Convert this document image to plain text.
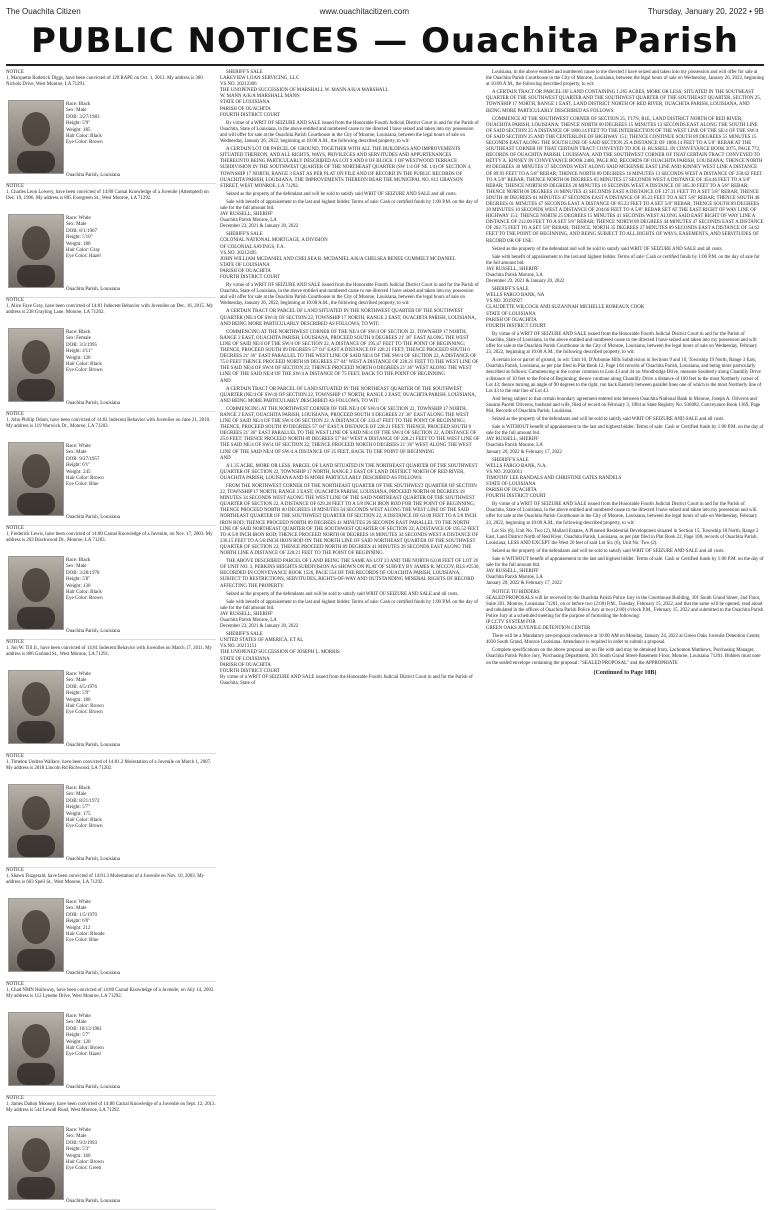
The Ouachita Citizen	www.ouachitacitizen.com	Thursday, January 20, 2022 • 9B
PUBLIC NOTICES — Ouachita Parish
NOTICE
1, Marquette Roderick Diggs, have been convicted of 120 RAPE on Oct. 1, 2013. My address is 300 Nichols Drive, West Monroe, LA 71291.
Race: Black
Sex: Male
DOB: 3/27/1983
Height: 5'9"
Weight: 185
Hair Color: Black
Eye Color: Brown
Ouachita Parish, Louisiana
NOTICE
1, Charles Leon Lowery, have been convicted of 14:80 Carnal Knowledge of a Juvenile (Attempted) on Dec. 19, 1996. My address is 805 Evergreen St., West Monroe, LA 71292.
Race: White
Sex: Male
DOB: 8/1/1967
Height: 5'10"
Weight: 180
Hair Color: Gray
Eye Color: Hazel
Ouachita Parish, Louisiana
NOTICE
1, Alice Faye Gray, have been convicted of 14:81 Indecent Behavior with Juveniles on Dec. 16, 2015. My address is 238 Grayling Lane, Monroe, LA 71202.
Race: Black
Sex: Female
DOB: 3/3/1995
Height: 4'11"
Weight: 120
Hair Color: Black
Eye Color: Brown
Ouachita Parish, Louisiana
NOTICE
1, John Phillip Odom, have been convicted of 14:81 Indecent Behavior with Juveniles on June 21, 2010. My address is 119 Warwick Dr., Monroe, LA 71203.
Race: White
Sex: Male
DOB: 9/27/1957
Height: 6'1"
Weight: 245
Hair Color: Brown
Eye Color: Blue
Ouachita Parish, Louisiana
NOTICE
1, Frederick Lewis, have been convicted of 14:80 Carnal Knowledge of a Juvenile, on Nov. 17, 2003. My address is 203 Blackwood Dr., Monroe, LA 71203.
Race: Black
Sex: Male
DOB: 3/28/1978
Height: 5'8"
Weight: 130
Hair Color: Black
Eye Color: Brown
Ouachita Parish, Louisiana
NOTICE
1, Jon W. Till Jr., have been convicted of 14:81 Indecent Behavior with Juveniles on March 17, 2011. My address is 806 Garland St., West Monroe, LA 71291.
Race: White
Sex: Male
DOB: 4/5/1976
Height: 5'9"
Weight: 180
Hair Color: Brown
Eye Color: Brown
Ouachita Parish, Louisiana
NOTICE
1, Timeion Undrea Wallace, have been convicted of 14:81.2 Molestation of a Juvenile on March 1, 2007. My address is 2818 Lincoln Rd Richwood, LA 71202.
Race: Black
Sex: Male
DOB: 8/21/1972
Height: 5'7"
Weight: 175
Hair Color: Black
Eye Color: Brown
Ouachita Parish, Louisiana
NOTICE
1, Shawn Fitzgerald, have been convicted of 14:81.3 Molestation of a Juvenile on Nov. 10, 2003. My address is 603 Spell St., West Monroe, LA 71292.
Race: White
Sex: Male
DOB: 1/5/1970
Height: 6'0"
Weight: 212
Hair Color: Blonde
Eye Color: Blue
Ouachita Parish, Louisiana
NOTICE
1, Chad NMN Holloway, have been convicted of 14:80 Carnal Knowledge of a Juvenile, on July 14, 2003. My address is 112 Lynette Drive, West Monroe, LA 71292.
Race: White
Sex: Male
DOB: 10/13/1981
Height: 5'7"
Weight: 120
Hair Color: Brown
Eye Color: Hazel
Ouachita Parish, Louisiana
NOTICE
1, James Dalton Mooney, have been convicted of 14:80 Carnal Knowledge of a Juvenile on Sept. 12, 2013. My address is 544 Lewall Road, West Monroe, LA 71292.
Race: White
Sex: Male
DOB: 9/3/1993
Height: 5'3"
Weight: 160
Hair Color: Brown
Eye Color: Green
Ouachita Parish, Louisiana

SHERIFF'S SALE
LAKEVIEW LOAN SERVICING, LLC
VS.NO. 20212306
THE UNOPENED SUCCESSION OF MARSHALL W. MANN A/K/A MARSHALL
W. MANN A/K/A MARSHALL MANN
STATE OF LOUISIANA
PARISH OF OUACHITA
FOURTH DISTRICT COURT

By virtue of a WRIT OF SEIZURE AND SALE issued from the Honorable Fourth Judicial District Court in and for the Parish of Ouachita, State of Louisiana, in the above entitled and numbered cause to me directed I have seized and taken into my possession and will offer for sale at the Ouachita Parish Courthouse in the City of Monroe, Louisiana, between the legal hours of sale on Wednesday, January 26, 2022, beginning at 10:00 A.M., the following described property, to wit:

A CERTAIN LOT OR PARCEL OF GROUND, TOGETHER WITH ALL THE BUILDINGS AND IMPROVEMENTS SITUATED THEREON, AND ALL RIGHTS, WAYS, PRIVILEGES AND SERVITUDES AND APPURTENANCES THEREUNTO BEING PARTICULARLY DESCRIBED AS LOT 9 AND 8 OF BLOCK 1 OF WESTWOOD TERRACE SUBDIVISION IN THE SOUTHWEST QUARTER OF THE NORTHEAST QUARTER (SW 1/4 OF NE 1/4) OF SECTION 4, TOWNSHIP 17 NORTH, RANGE 3 EAST AS PER PLAT ON FILE AND OF RECORD IN THE PUBLIC RECORDS OF OUACHITA PARISH, LOUISIANA. THE IMPROVEMENTS THEREON BEAR THE MUNICIPAL NO. 813 GRAYSON STREET, WEST MONROE, LA 71292.

Seized as the property of the defendant and will be sold to satisfy said WRIT OF SEIZURE AND SALE and all costs.

Sale with benefit of appraisement to the last and highest bidder. Terms of sale: Cash or certified funds by 1:00 P.M. on the day of sale for the full amount bid.
JAY RUSSELL, SHERIFF
Ouachita Parish Monroe, LA
December 23, 2021 & January 20, 2022

SHERIFF'S SALE
COLONIAL NATIONAL MORTGAGE, A DIVISION
OF COLONIAL SAVINGS, F.A.
VS.NO. 20212495
JOHN WILLIAM MCDANIEL AND CHELSEA R. MCDANIEL A/K/A CHELSEA RENEE GUMMELT MCDANIEL
STATE OF LOUISIANA
PARISH OF OUACHITA
FOURTH DISTRICT COURT

By virtue of a WRIT OF SEIZURE AND SALE issued from the Honorable Fourth Judicial District Court in and for the Parish of Ouachita, State of Louisiana, in the above entitled and numbered cause to me directed I have seized and taken into my possession and will offer for sale at the Ouachita Parish Courthouse in the City of Monroe, Louisiana, between the legal hours of sale on Wednesday, January 26, 2022, beginning at 10:00 A.M., the following described property, to wit:

A CERTAIN TRACT OR PARCEL OF LAND SITUATED IN THE NORTHWEST QUARTER OF THE SOUTHWEST QUARTER (NE/4 OF SW/4) OF SECTION 22, TOWNSHIP 17 NORTH, RANGE 2 EAST, OUACHITA PARISH, LOUISIANA, AND BEING MORE PARTICULARLY DESCRIBED AS FOLLOWS, TO WIT:

COMMENCING AT THE NORTHWEST CORNER OF THE NE/4 OF SW/4 OF SECTION 22, TOWNSHIP 17 NORTH, RANGE 2 EAST, OUACHITA PARISH, LOUISIANA, PROCEED SOUTH 0 DEGREES 21' 36" EAST ALONG THE WEST LINE OF SAID NE/4 OF THE SW/4 OF SECTION 22, A DISTANCE OF 195.47 FEET TO THE POINT OF BEGINNING; THENCE, PROCEED SOUTH 89 DEGREES 57' 04" EAST A DISTANCE OF 228.21 FEET; THENCE PROCEED SOUTH 0 DEGREES 21' 36" EAST PARALLEL TO THE WEST LINE OF SAID NE/4 OF THE SW/4 OF SECTION 22, A DISTANCE OF 75.0 FEET THENCE PROCEED NORTH 89 DEGREES 57' 04" WEST A DISTANCE OF 228.21 FEET TO THE WEST LINE OF THE SAID NE/4 OF SW/4 OF SECTION 22; THENCE PROCEED NORTH 0 DEGREES 21' 36" WEST ALONG THE WEST LINE OF THE SAID NE/4 OF THE SW/4 A DISTANCE OF 75 FEET, BACK TO THE POINT OF BEGINNING
AND

A CERTAIN TRACT OR PARCEL OF LAND SITUATED IN THE NORTHEAST QUARTER OF THE SOUTHWEST QUARTER (NE/4 OF SW/4) OF SECTION 22, TOWNSHIP 17 NORTH, RANGE 2 EAST, OUACHITA PARISH, LOUISIANA, AND BEING MORE PARTICULARLY DESCRIBED AS FOLLOWS, TO WIT:

COMMENCING AT THE NORTHWEST CORNER OF THE NE/4 OF SW/4 OF SECTION 22, TOWNSHIP 17 NORTH, RANGE 2 EAST, OUACHITA PARISH, LOUISIANA, PROCEED SOUTH 0 DEGREES 21' 36" EAST ALONG THE WEST LINE OF SAID NE/4 OF THE SW/4 OF SECTION 22, A DISTANCE OF 333.47 FEET TO THE POINT OF BEGINNING; THENCE, PROCEED SOUTH 89 DEGREES 57' 04" EAST A DISTANCE OF 228.21 FEET; THENCE, PROCEED SOUTH 0 DEGREES 21' 36" EAST PARALLEL TO THE WEST LINE OF SAID NE/4 OF THE SW/4 OF SECTION 22, A DISTANCE OF 25.0 FEET; THENCE PROCEED NORTH 89 DEGREES 57' 04" WEST A DISTANCE OF 228.21 FEET TO THE WEST LINE OF THE SAID NE/4 OF SW/4 OF SECTION 22; THENCE PROCEED NORTH 0 DEGREES 21' 36" WEST ALONG THE WEST LINE OF THE SAID NE/4 OF SW/4 A DISTANCE OF 25 FEET, BACK TO THE POINT OF BEGINNING
AND

A 1.35 ACRE, MORE OR LESS, PARCEL OF LAND SITUATED IN THE NORTHEAST QUARTER OF THE SOUTHWEST QUARTER OF SECTION 22, TOWNSHIP 17 NORTH, RANGE 2 EAST OF LAND DISTRICT NORTH OF RED RIVER, OUACHITA PARISH, LOUISIANA AND IS MORE PARTICULARLY DESCRIBED AS FOLLOWS:

FROM THE NORTHWEST CORNER OF THE NORTHEAST QUARTER OF THE SOUTHWEST QUARTER OF SECTION 22, TOWNSHIP 17 NORTH, RANGE 2 EAST, OUACHITA PARISH, LOUISIANA, PROCEED NORTH 00 DEGREES 18 MINUTES 34 SECONDS WEST ALONG THE WEST LINE OF THE SAID NORTHEAST QUARTER OF THE SOUTHWEST QUARTER OF SECTION 22, A DISTANCE OF 629.28 FEET TO A 5/8 INCH IRON ROD FOR THE POINT OF BEGINNING; THENCE PROCEED NORTH 00 DEGREES 18 MINUTES 34 SECONDS WEST ALONG THE WEST LINE OF THE SAID NORTHEAST QUARTER OF THE SOUTHWEST QUARTER OF SECTION 22, A DISTANCE OF 63.00 FEET TO A 5/8 INCH IRON ROD; THENCE PROCEED NORTH 89 DEGREES 41 MINUTES 26 SECONDS EAST PARALLEL TO THE NORTH LINE OF SAID NORTHEAST QUARTER OF THE SOUTHWEST QUARTER OF SECTION 22, A DISTANCE OF 195.52 FEET TO A 5/8 INCH IRON ROD; THENCE PROCEED NORTH 00 DEGREES 18 MINUTES 34 SECONDS WEST A DISTANCE OF 236.15 FEET TO A 5/8 INCH IRON ROD ON THE NORTH LINE OF SAID NORTHEAST QUARTER OF THE SOUTHWEST QUARTER OF SECTION 22; THENCE PROCEED NORTH 89 DEGREES 41 MINUTES 26 SECONDS EAST ALONG THE NORTH LINE A DISTANCE OF 228.21 FEET TO THE POINT OF BEGINNING.

THE ABOVE DESCRIBED PARCEL OF LAND BEING THE SAME AS LOT 23 AND THE NORTH 63.00 FEET OF LOT 26 OF UNIT NO. 3, PERKINS HEIGHTS SUBDIVISION AS SHOWN ON PLAT OF SURVEY BY JAMES R. MCCOY, RLS #2530, RECORDED IN CONVEYANCE BOOK 1526, PAGE 554 OF THE RECORDS OF OUACHITA PARISH, LOUISIANA, SUBJECT TO RESTRICTIONS, SERVITUDES, RIGHTS-OF-WAY AND OUTSTANDING MINERAL RIGHTS OF RECORD AFFECTING THE PROPERTY.

Seized as the property of the defendants and will be sold to satisfy said WRIT OF SEIZURE AND SALE and all costs.

Sale with benefit of appraisement to the last and highest bidder. Terms of sale: Cash or certified funds by 1:00 P.M. on the day of sale for the full amount bid.
JAY RUSSELL, SHERIFF
Ouachita Parish Monroe, LA
December 23, 2021 & January 20, 2022

SHERIFF'S SALE
UNITED STATES OF AMERICA, ET AL
VS.NO. 20213151
THE UNOPENED SUCCESSION OF JOSEPH L. MORRIS
STATE OF LOUISIANA
PARISH OF OUACHITA
FOURTH DISTRICT COURT
By virtue of a WRIT OF SEIZURE AND SALE issued from the Honorable Fourth Judicial District Court in and for the Parish of Ouachita, State of

Louisiana, in the above entitled and numbered cause to me directed I have seized and taken into my possession and will offer for sale at the Ouachita Parish Courthouse in the City of Monroe, Louisiana, between the legal hours of sale on Wednesday, January 26, 2022, beginning at 10:00 A.M., the following described property, to wit:

A CERTAIN TRACT OR PARCEL OF LAND CONTAINING 1.265 ACRES, MORE OR LESS, SITUATED IN THE SOUTHEAST QUARTER OF THE SOUTHWEST QUARTER AND THE SOUTHWEST QUARTER OF THE SOUTHEAST QUARTER, SECTION 25, TOWNSHIP 17 NORTH, RANGE 1 EAST, LAND DISTRICT NORTH OF RED RIVER, OUACHITA PARISH, LOUISIANA, AND BEING MORE PARTICULARLY DESCRIBED AS FOLLOWS:

COMMENCE AT THE SOUTHWEST CORNER OF SECTION 25, T17N, R1E, LAND DISTRICT NORTH OF RED RIVER, OUACHITA PARISH, LOUISIANA; THENCE NORTH 00 DEGREES 15 MINUTES 13 SECONDS EAST ALONG THE SOUTH LINE OF SAID SECTION 25 A DISTANCE OF 1800.14 FEET TO THE INTERSECTION OF THE WEST LINE OF THE SE/4 OF THE SW/4 OF SAID SECTION 25 AND THE CENTERLINE OF HIGHWAY 151; THENCE CONTINUE SOUTH 89 DEGREES 55 MINUTES 15 SECONDS EAST ALONG THE SOUTH LINE OF SAID SECTION 25 A DISTANCE OF 1800.14 FEET TO A 5/8" REBAR AT THE SOUTHEAST CORNER OF THAT CERTAIN TRACT CONVEYED TO JOE H. RUSSELL IN CONVEYANCE BOOK 2075, PAGE 772, RECORDS OF OUACHITA PARISH, LOUISIANA, AND THE SOUTHWEST CORNER OF THAT CERTAIN TRACT CONVEYED TO BETTY A. KINNEY IN CONVEYANCE BOOK 2400, PAGE 802, RECORDS OF OUACHITA PARISH, LOUISIANA; THENCE NORTH 89 DEGREES 30 MINUTES 37 SECONDS WEST ALONG SAID MCKENSIE EAST LINE AND KINNEY WEST LINE A DISTANCE OF 89.93 FEET TO A 5/8" REBAR; THENCE NORTH 89 DEGREES 16 MINUTES 13 SECONDS WEST A DISTANCE OF 258.62 FEET TO A 5/8" REBAR; THENCE NORTH 00 DEGREES 05 MINUTES 57 SECONDS WEST A DISTANCE OF 454.46 FEET TO A 5/8" REBAR; THENCE NORTH 89 DEGREES 20 MINUTES 10 SECONDS WEST A DISTANCE OF 385.30 FEET TO A 5/8" REBAR; THENCE NORTH 00 DEGREES 16 MINUTES 43 SECONDS EAST A DISTANCE OF 127.31 FEET TO A SET 5/8" REBAR; THENCE SOUTH 48 DEGREES 01 MINUTES 47 SECONDS EAST A DISTANCE OF 85.23 FEET TO A SET 5/8" REBAR; THENCE SOUTH 48 DEGREES 01 MINUTES 47 SECONDS EAST A DISTANCE OF 85.23 FEET TO A SET 5/8" REBAR; THENCE SOUTH 89 DEGREES 20 MINUTES 10 SECONDS WEST A DISTANCE OF 204.66 FEET TO A 5/8" REBAR SET AT THE EAST RIGHT OF WAY LINE OF HIGHWAY 151; THENCE NORTH 25 DEGREES 15 MINUTES 41 SECONDS WEST ALONG SAID EAST RIGHT OF WAY LINE A DISTANCE OF 212.00 FEET TO A SET 5/8" REBAR; THENCE NORTH 89 DEGREES 44 MINUTES 47 SECONDS EAST A DISTANCE OF 202.75 FEET TO A SET 5/8" REBAR; THENCE, NORTH 35 DEGREES 27 MINUTES 09 SECONDS EAST A DISTANCE OF 54.62 FEET TO THE POINT OF BEGINNING, AND BEING SUBJECT TO ALL RIGHTS OF WAYS, EASEMENTS, AND SERVITUDES OF RECORD OR OF USE.

Seized as the property of the defendant and will be sold to satisfy said WRIT OF SEIZURE AND SALE and all costs.

Sale with benefit of appraisement to the last and highest bidder. Terms of sale: Cash or certified funds by 1:00 P.M. on the day of sale for the full amount bid.
JAY RUSSELL, SHERIFF
Ouachita Parish Monroe, LA
December 23, 2021 & January 20, 2022

SHERIFF'S SALE
WELLS FARGO BANK, NA
VS.NO. 20193927
CLAUDETTE WILCOCK AND SUZANNAH MICHELLE ROBEAUX COOK
STATE OF LOUISIANA
PARISH OF OUACHITA
FOURTH DISTRICT COURT

By virtue of a WRIT OF SEIZURE AND SALE issued from the Honorable Fourth Judicial District Court in and for the Parish of Ouachita, State of Louisiana, in the above entitled and numbered cause to me directed I have seized and taken into my possession and will offer for sale at the Ouachita Parish Courthouse in the City of Monroe, Louisiana, between the legal hours of sale on Wednesday, February 23, 2022, beginning at 10:00 A.M., the following described property, to wit:

A certain lot or parcel of ground, to wit: Unit 10, D'Arbonne Hills Subdivision in Sections 9 and 10, Township 19 North, Range 3 East, Ouachita Parish, Louisiana, as per plat filed in Plat Book 12, Page 104 records of Ouachita Parish, Louisiana, and being more particularly described as follows: Commencing at the corner common to Lots 43 and 44 on Woodbridge Drive, measure Southerly along Chantilly Drive a distance of 10 feet to the Point of Beginning; thence continue along Chantilly Drive a distance of 100 feet to the most Northerly corner of Lot 43; thence turning an angle of 90 degrees to the right, run back Easterly between parallel lines one of which is the most Northerly line of Lot 43 to the rear line of Lot 43.

And being subject to that certain boundary agreement entered into between Ouachita National Bank in Monroe, Joseph A. Oliveros and Susann Pacetti Oliveros, husband and wife, filed of record on February 3, 1984 at State Registry No. 936082, Conveyance Book 1369, Page 864, Records of Ouachita Parish, Louisiana.

Seized as the property of the defendants and will be sold to satisfy said WRIT OF SEIZURE AND SALE and all costs.

Sale is WITHOUT benefit of appraisement to the last and highest bidder. Terms of sale: Cash or Certified funds by 1:00 P.M. on the day of sale for the full amount bid.
JAY RUSSELL, SHERIFF
Ouachita Parish Monroe, LA
January 20, 2022 & February 17, 2022

SHERIFF'S SALE
WELLS FARGO BANK, N.A.
VS.NO. 20203011
TIMOTHY LEE RANDALS AND CHRISTINE GATES RANDELS
STATE OF LOUISIANA
PARISH OF OUACHITA
FOURTH DISTRICT COURT

By virtue of a WRIT OF SEIZURE AND SALE issued from the Honorable Fourth Judicial District Court in and for the Parish of Ouachita, State of Louisiana, in the above entitled and numbered cause to me directed I have seized and taken into my possession and will offer for sale at the Ouachita Parish Courthouse in the City of Monroe, Louisiana, between the legal hours of sale on Wednesday, February 23, 2022, beginning at 10:00 A.M., the following described property, to wit:

Lot Six (6), Unit No. Two (2), Mallard Estates, A Planned Residential Development situated in Section 15, Township 18 North, Range 3 East, Land District North of Red River, Ouachita Parish, Louisiana, as per plat filed in Plat Book 22, Page 108, records of Ouachita Parish, Louisiana, LESS AND EXCEPT the West 20 feet of said Lot Six (6), Unit No. Two (2).

Seized as the property of the defendants and will be sold to satisfy said WRIT OF SEIZURE AND SALE and all costs.

Sale is WITHOUT benefit of appraisement to the last and highest bidder. Terms of sale: Cash or Certified funds by 1:00 P.M. on the day of sale for the full amount bid.
JAY RUSSELL, SHERIFF
Ouachita Parish Monroe, LA
January 20, 2022 & February 17, 2022

NOTICE TO BIDDERS
SEALED PROPOSALS will be received by the Ouachita Parish Police Jury in the Courthouse Building, 301 South Grand Street, 2nd Floor, Suite 201, Monroe, Louisiana 71201, on or before two (2:00) P.M., Tuesday, February 15, 2022, and that the same will be opened, read aloud and tabulated in the offices of Ouachita Parish Police Jury at two (2:00) o'clock P.M., February 15, 2022 and submitted to the Ouachita Parish Police Jury at a scheduled meeting for the purpose of furnishing the following:
IP CCTV SYSTEM FOR
GREEN OAKS JUVENILE DETENTION CENTER

There will be a Mandatory pre-proposal conference at 10:00 AM on Monday, January 24, 2022 at Green Oaks Juvenile Detention Center, 4030 South Grand, Monroe Louisiana. Attendance is required in order to submit a proposal.

Complete specifications on the above proposal are on file with and may be obtained from, Lachomon Matthews, Purchasing Manager, Ouachita Parish Police Jury, Purchasing Department, 301 South Grand Street-Basement Floor, Monroe, Louisiana 71201. Bidders must note on the sealed envelope containing the proposal: "SEALED PROPOSAL" and the APPROPRIATE

(Continued to Page 10B)
